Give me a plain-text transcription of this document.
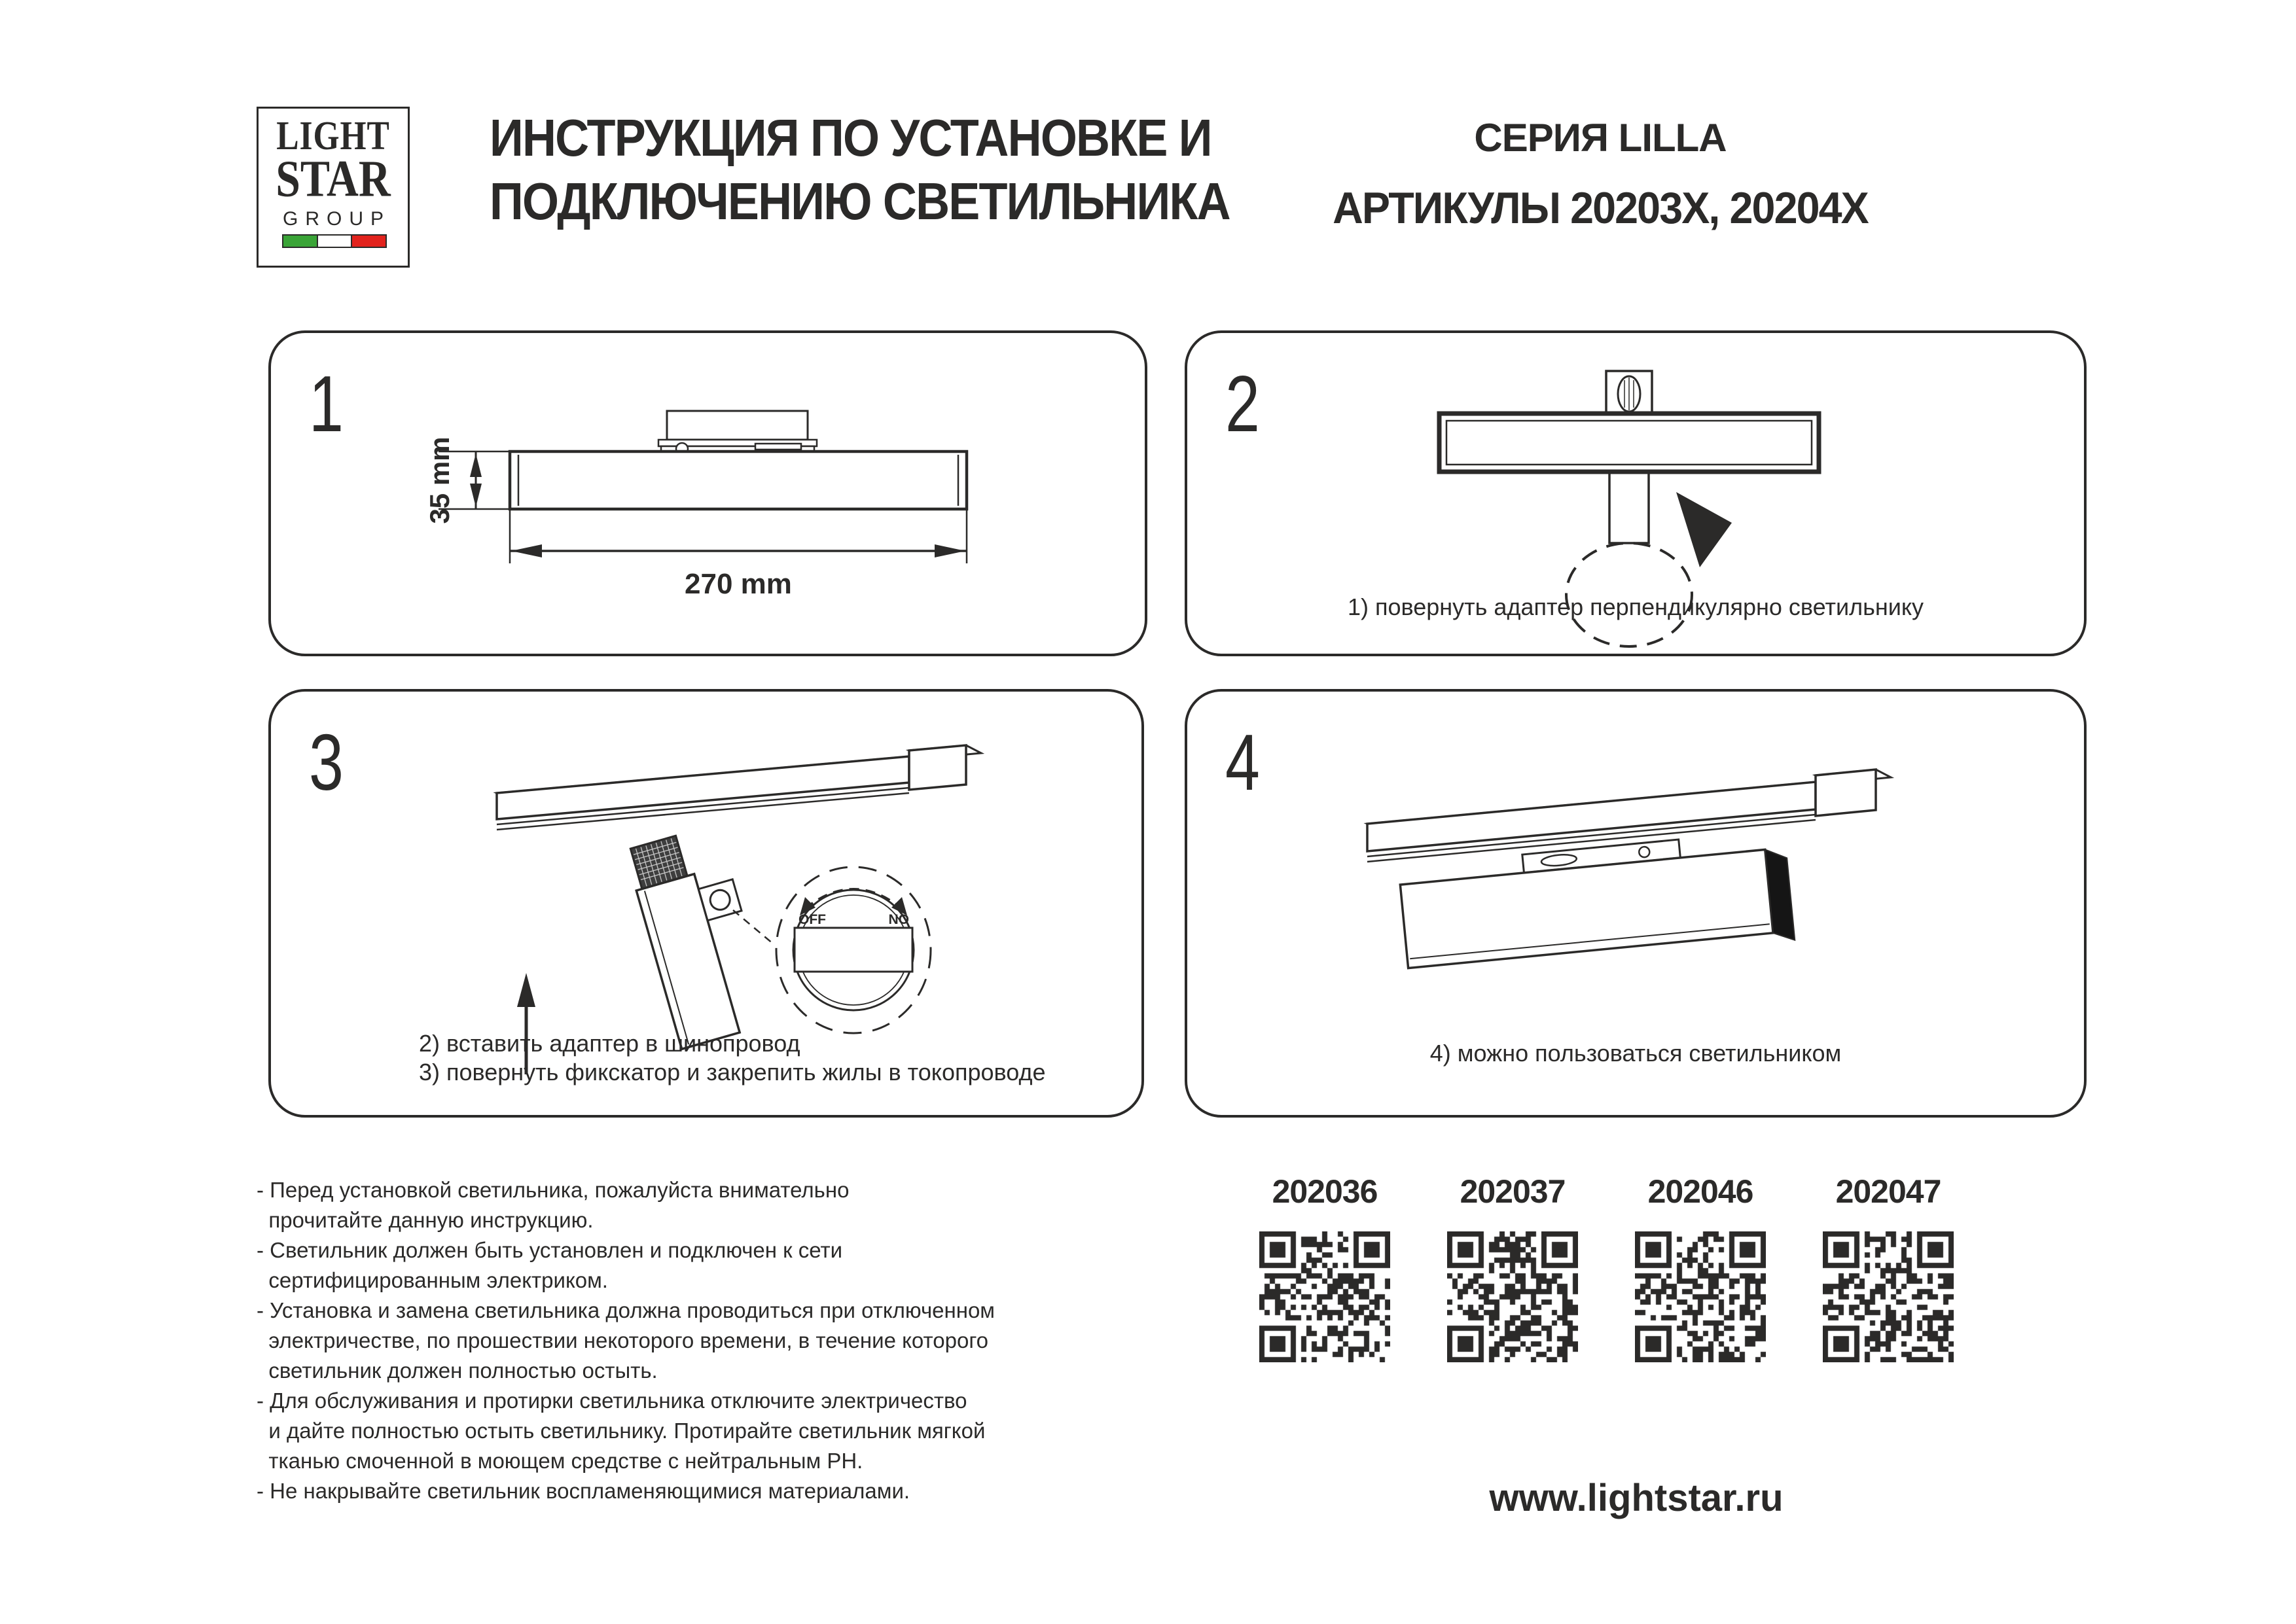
LIGHT
STAR
GROUP
ИНСТРУКЦИЯ ПО УСТАНОВКЕ И
ПОДКЛЮЧЕНИЮ СВЕТИЛЬНИКА
СЕРИЯ LILLA
АРТИКУЛЫ 20203X, 20204X
1
35 mm
270 mm
2
1) повернуть адаптер перпендикулярно светильнику
3
OFF	NO
2) вставить адаптер в шинопровод
3) повернуть фикскатор и закрепить жилы в токопроводе
4
4) можно пользоваться светильником
- Перед установкой светильника, пожалуйста внимательно
прочитайте данную инструкцию.
- Светильник должен быть установлен и подключен к сети
сертифицированным электриком.
- Установка и замена светильника должна проводиться при отключенном
электричестве, по прошествии некоторого времени, в течение которого
светильник должен полностью остыть.
- Для обслуживания и протирки светильника отключите электричество
и дайте полностью остыть светильнику. Протирайте светильник мягкой
тканью смоченной в моющем средстве с нейтральным PH.
- Не накрывайте светильник воспламеняющимися материалами.
202036	202037	202046	202047
www.lightstar.ru
